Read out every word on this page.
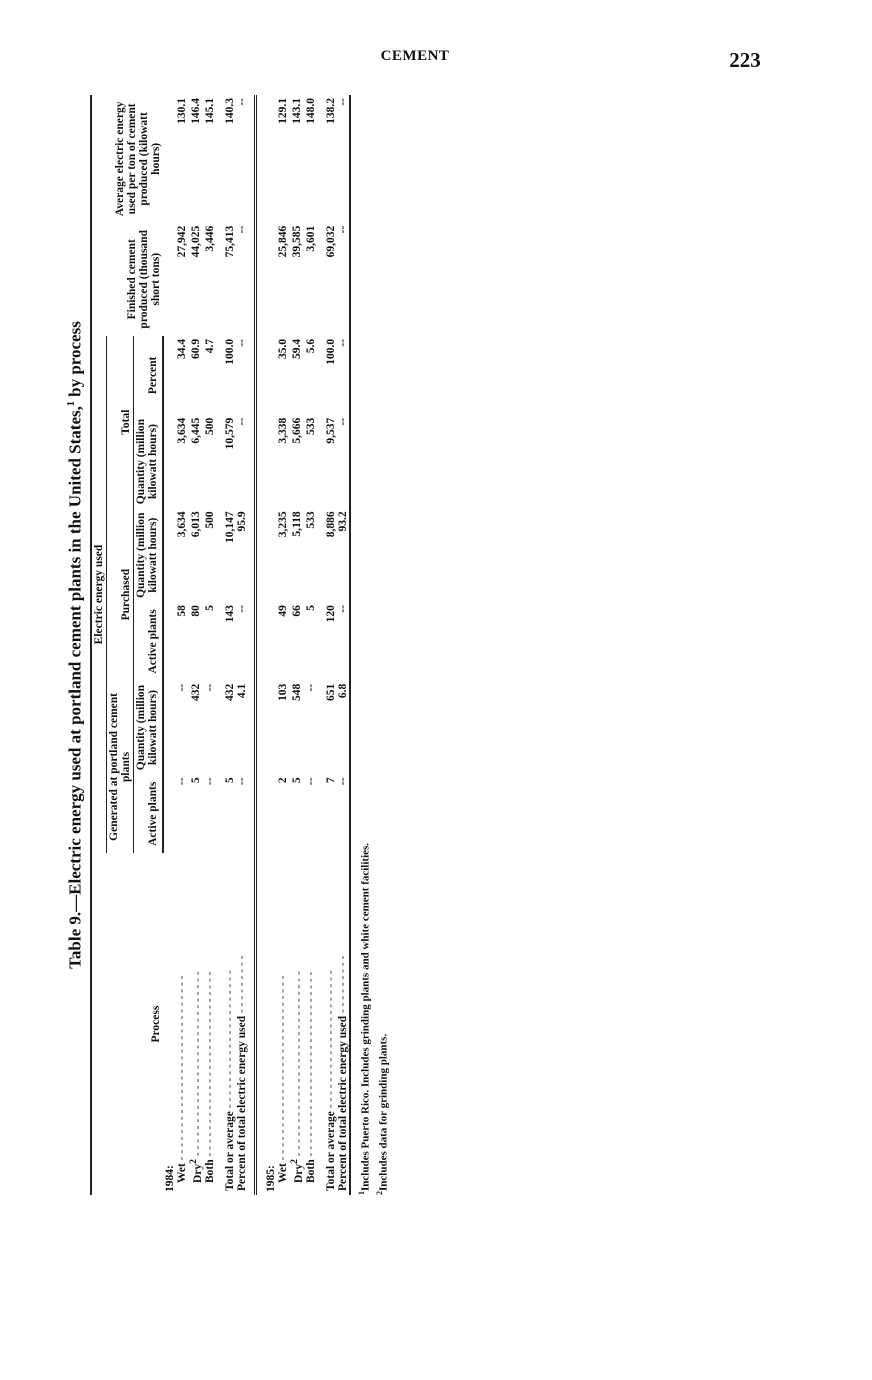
CEMENT	223
Table 9.—Electric energy used at portland cement plants in the United States,$^1$ by process
Process	Electric energy used						Finished cement produced (thousand short tons)	Average electric energy used per ton of cement produced (kilowatt hours)
	Generated at portland cement plants		Purchased		Total			
	Active plants	Quantity (million kilowatt hours)	Active plants	Quantity (million kilowatt hours)	Quantity (million kilowatt hours)	Percent		
1984:								
Wet - - - - - - - - - - - - - - - - - - - - - - - - - - - -	--	--	58	3,634	3,634	34.4	27,942	130.1
Dry$^2$ - - - - - - - - - - - - - - - - - - - - - - - - - - - -	5	432	80	6,013	6,445	60.9	44,025	146.4
Both - - - - - - - - - - - - - - - - - - - - - - - - - - - -	--	--	5	500	500	4.7	3,446	145.1

Total or average - - - - - - - - - - - - - - - - - - - - -	5	432	143	10,147	10,579	100.0	75,413	140.3
Percent of total electric energy used - - - - - - - - -	--	4.1	--	95.9	--	--	--	--

1985:								
Wet - - - - - - - - - - - - - - - - - - - - - - - - - - - -	2	103	49	3,235	3,338	35.0	25,846	129.1
Dry$^2$ - - - - - - - - - - - - - - - - - - - - - - - - - - - -	5	548	66	5,118	5,666	59.4	39,585	143.1
Both - - - - - - - - - - - - - - - - - - - - - - - - - - - -	--	--	5	533	533	5.6	3,601	148.0

Total or average - - - - - - - - - - - - - - - - - - - - -	7	651	120	8,886	9,537	100.0	69,032	138.2
Percent of total electric energy used - - - - - - - - -	--	6.8	--	93.2	--	--	--	--
$^1$Includes Puerto Rico. Includes grinding plants and white cement facilities.
$^2$Includes data for grinding plants.
